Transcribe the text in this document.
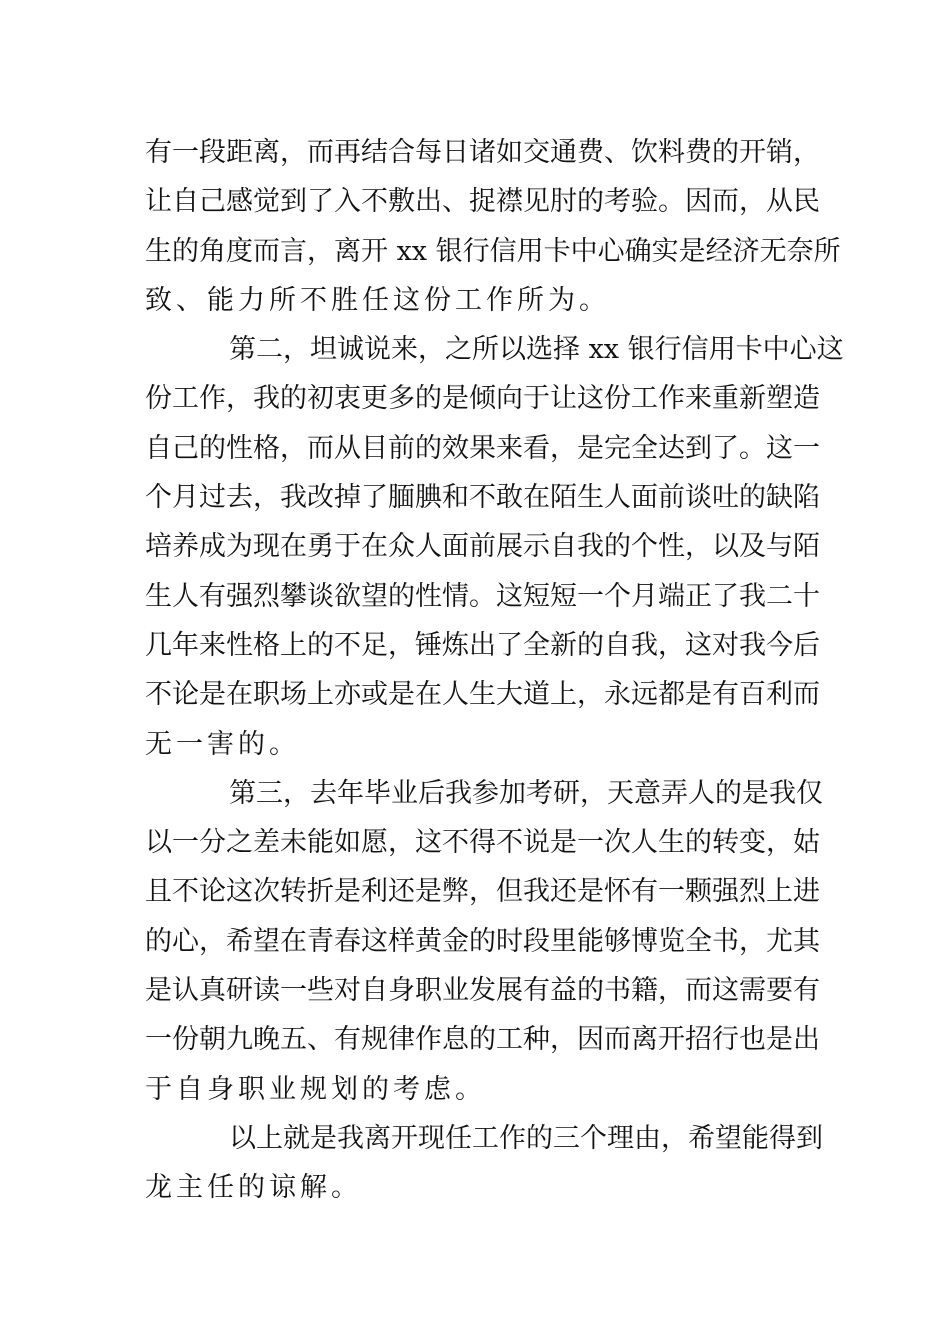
有一段距离，而再结合每日诸如交通费、饮料费的开销，
让自己感觉到了入不敷出、捉襟见肘的考验。因而，从民
生的角度而言，离开 xx 银行信用卡中心确实是经济无奈所
致、能力所不胜任这份工作所为。
第二，坦诚说来，之所以选择 xx 银行信用卡中心这
份工作，我的初衷更多的是倾向于让这份工作来重新塑造
自己的性格，而从目前的效果来看，是完全达到了。这一
个月过去，我改掉了腼腆和不敢在陌生人面前谈吐的缺陷
培养成为现在勇于在众人面前展示自我的个性，以及与陌
生人有强烈攀谈欲望的性情。这短短一个月端正了我二十
几年来性格上的不足，锤炼出了全新的自我，这对我今后
不论是在职场上亦或是在人生大道上，永远都是有百利而
无一害的。
第三，去年毕业后我参加考研，天意弄人的是我仅
以一分之差未能如愿，这不得不说是一次人生的转变，姑
且不论这次转折是利还是弊，但我还是怀有一颗强烈上进
的心，希望在青春这样黄金的时段里能够博览全书，尤其
是认真研读一些对自身职业发展有益的书籍，而这需要有
一份朝九晚五、有规律作息的工种，因而离开招行也是出
于自身职业规划的考虑。
以上就是我离开现任工作的三个理由，希望能得到
龙主任的谅解。
